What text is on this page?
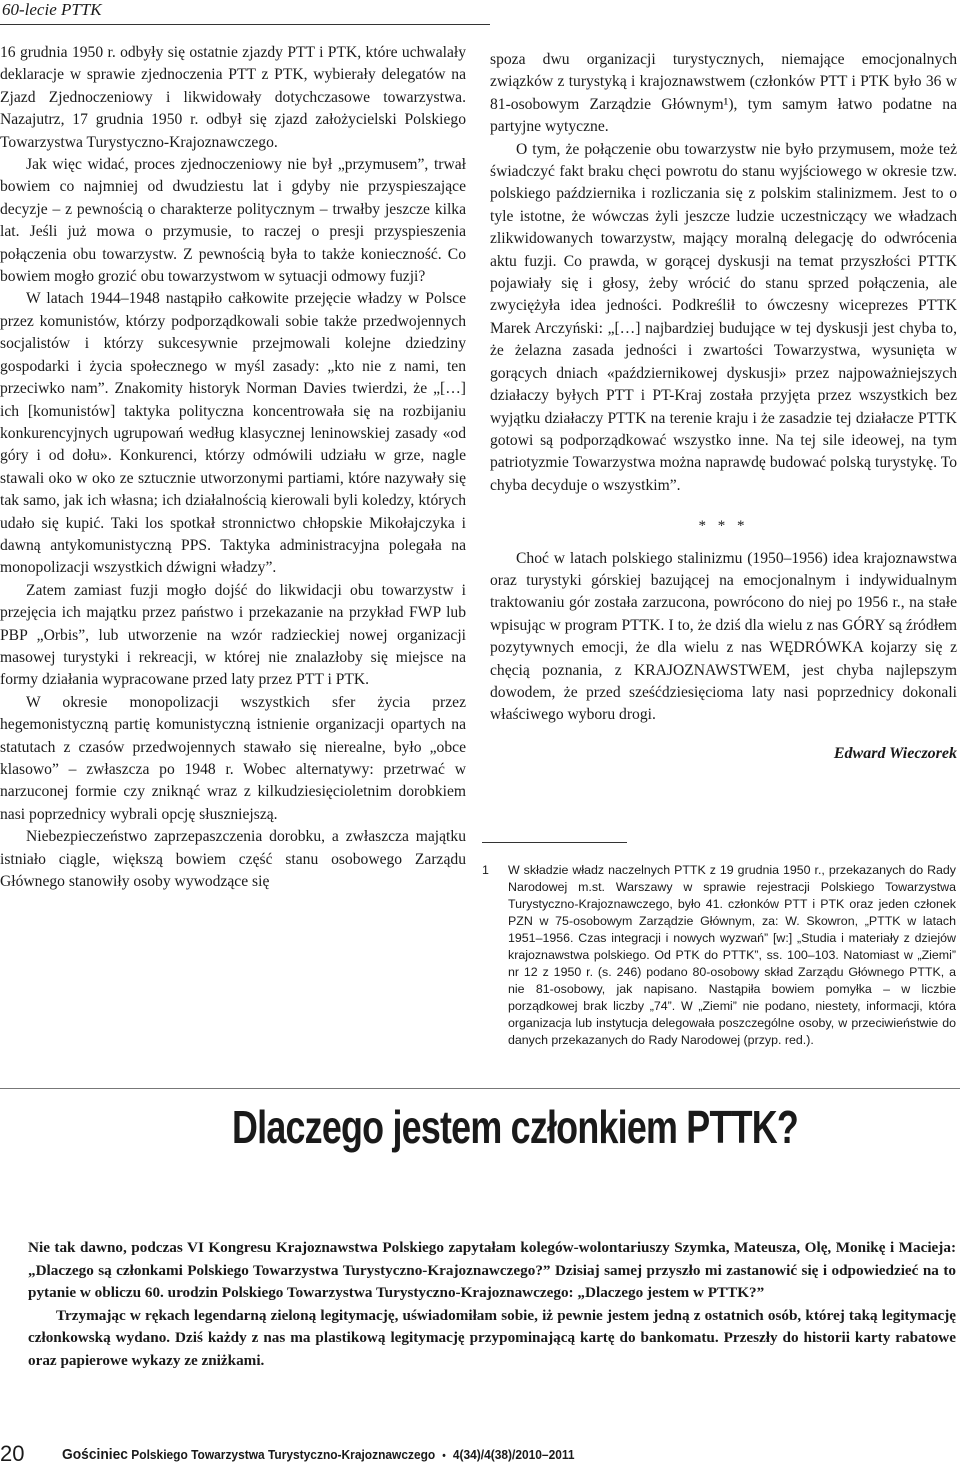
60-lecie PTTK

16 grudnia 1950 r. odbyły się ostatnie zjazdy PTT i PTK, które uchwalały deklaracje w sprawie zjednoczenia PTT z PTK, wybierały delegatów na Zjazd Zjednoczeniowy i likwidowały dotychczasowe towarzystwa. Nazajutrz, 17 grudnia 1950 r. odbył się zjazd założycielski Polskiego Towarzystwa Turystyczno-Krajoznawczego.

Jak więc widać, proces zjednoczeniowy nie był „przymusem”, trwał bowiem co najmniej od dwudziestu lat i gdyby nie przyspieszające decyzje – z pewnością o charakterze politycznym – trwałby jeszcze kilka lat. Jeśli już mowa o przymusie, to raczej o presji przyspieszenia połączenia obu towarzystw. Z pewnością była to także konieczność. Co bowiem mogło grozić obu towarzystwom w sytuacji odmowy fuzji?

W latach 1944–1948 nastąpiło całkowite przejęcie władzy w Polsce przez komunistów, którzy podporządkowali sobie także przedwojennych socjalistów i którzy sukcesywnie przejmowali kolejne dziedziny gospodarki i życia społecznego w myśl zasady: „kto nie z nami, ten przeciwko nam”. Znakomity historyk Norman Davies twierdzi, że „[…] ich [komunistów] taktyka polityczna koncentrowała się na rozbijaniu konkurencyjnych ugrupowań według klasycznej leninowskiej zasady «od góry i od dołu». Konkurenci, którzy odmówili udziału w grze, nagle stawali oko w oko ze sztucznie utworzonymi partiami, które nazywały się tak samo, jak ich własna; ich działalnością kierowali byli koledzy, których udało się kupić. Taki los spotkał stronnictwo chłopskie Mikołajczyka i dawną antykomunistyczną PPS. Taktyka administracyjna polegała na monopolizacji wszystkich dźwigni władzy”.

Zatem zamiast fuzji mogło dojść do likwidacji obu towarzystw i przejęcia ich majątku przez państwo i przekazanie na przykład FWP lub PBP „Orbis”, lub utworzenie na wzór radzieckiej nowej organizacji masowej turystyki i rekreacji, w której nie znalazłoby się miejsce na formy działania wypracowane przed laty przez PTT i PTK.

W okresie monopolizacji wszystkich sfer życia przez hegemonistyczną partię komunistyczną istnienie organizacji opartych na statutach z czasów przedwojennych stawało się nierealne, było „obce klasowo” – zwłaszcza po 1948 r. Wobec alternatywy: przetrwać w narzuconej formie czy zniknąć wraz z kilkudziesięcioletnim dorobkiem nasi poprzednicy wybrali opcję słuszniejszą.

Niebezpieczeństwo zaprzepaszczenia dorobku, a zwłaszcza majątku istniało ciągle, większą bowiem część stanu osobowego Zarządu Głównego stanowiły osoby wywodzące się

spoza dwu organizacji turystycznych, niemające emocjonalnych związków z turystyką i krajoznawstwem (członków PTT i PTK było 36 w 81-osobowym Zarządzie Głównym¹), tym samym łatwo podatne na partyjne wytyczne.

O tym, że połączenie obu towarzystw nie było przymusem, może też świadczyć fakt braku chęci powrotu do stanu wyjściowego w okresie tzw. polskiego października i rozliczania się z polskim stalinizmem. Jest to o tyle istotne, że wówczas żyli jeszcze ludzie uczestniczący we władzach zlikwidowanych towarzystw, mający moralną delegację do odwrócenia aktu fuzji. Co prawda, w gorącej dyskusji na temat przyszłości PTTK pojawiały się i głosy, żeby wrócić do stanu sprzed połączenia, ale zwyciężyła idea jedności. Podkreślił to ówczesny wiceprezes PTTK Marek Arczyński: „[…] najbardziej budujące w tej dyskusji jest chyba to, że żelazna zasada jedności i zwartości Towarzystwa, wysunięta w gorących dniach «październikowej dyskusji» przez najpoważniejszych działaczy byłych PTT i PT-Kraj została przyjęta przez wszystkich bez wyjątku działaczy PTTK na terenie kraju i że zasadzie tej działacze PTTK gotowi są podporządkować wszystko inne. Na tej sile ideowej, na tym patriotyzmie Towarzystwa można naprawdę budować polską turystykę. To chyba decyduje o wszystkim”.

* * *

Choć w latach polskiego stalinizmu (1950–1956) idea krajoznawstwa oraz turystyki górskiej bazującej na emocjonalnym i indywidualnym traktowaniu gór została zarzucona, powrócono do niej po 1956 r., na stałe wpisując w program PTTK. I to, że dziś dla wielu z nas GÓRY są źródłem pozytywnych emocji, że dla wielu z nas WĘDRÓWKA kojarzy się z chęcią poznania, z KRAJOZNAWSTWEM, jest chyba najlepszym dowodem, że przed sześćdziesięcioma laty nasi poprzednicy dokonali właściwego wyboru drogi.

Edward Wieczorek
1 W składzie władz naczelnych PTTK z 19 grudnia 1950 r., przekazanych do Rady Narodowej m.st. Warszawy w sprawie rejestracji Polskiego Towarzystwa Turystyczno-Krajoznawczego, było 41. członków PTT i PTK oraz jeden członek PZN w 75-osobowym Zarządzie Głównym, za: W. Skowron, „PTTK w latach 1951–1956. Czas integracji i nowych wyzwań” [w:] „Studia i materiały z dziejów krajoznawstwa polskiego. Od PTK do PTTK”, ss. 100–103. Natomiast w „Ziemi” nr 12 z 1950 r. (s. 246) podano 80-osobowy skład Zarządu Głównego PTTK, a nie 81-osobowy, jak napisano. Nastąpiła bowiem pomyłka – w liczbie porządkowej brak liczby „74”. W „Ziemi” nie podano, niestety, informacji, która organizacja lub instytucja delegowała poszczególne osoby, w przeciwieństwie do danych przekazanych do Rady Narodowej (przyp. red.).
Dlaczego jestem członkiem PTTK?

Nie tak dawno, podczas VI Kongresu Krajoznawstwa Polskiego zapytałam kolegów-wolontariuszy Szymka, Mateusza, Olę, Monikę i Macieja: „Dlaczego są członkami Polskiego Towarzystwa Turystyczno-Krajoznawczego?” Dzisiaj samej przyszło mi zastanowić się i odpowiedzieć na to pytanie w obliczu 60. urodzin Polskiego Towarzystwa Turystyczno-Krajoznawczego: „Dlaczego jestem w PTTK?”

Trzymając w rękach legendarną zieloną legitymację, uświadomiłam sobie, iż pewnie jestem jedną z ostatnich osób, której taką legitymację członkowską wydano. Dziś każdy z nas ma plastikową legitymację przypominającą kartę do bankomatu. Przeszły do historii karty rabatowe oraz papierowe wykazy ze zniżkami.

20	Gościniec Polskiego Towarzystwa Turystyczno-Krajoznawczego • 4(34)/4(38)/2010–2011
